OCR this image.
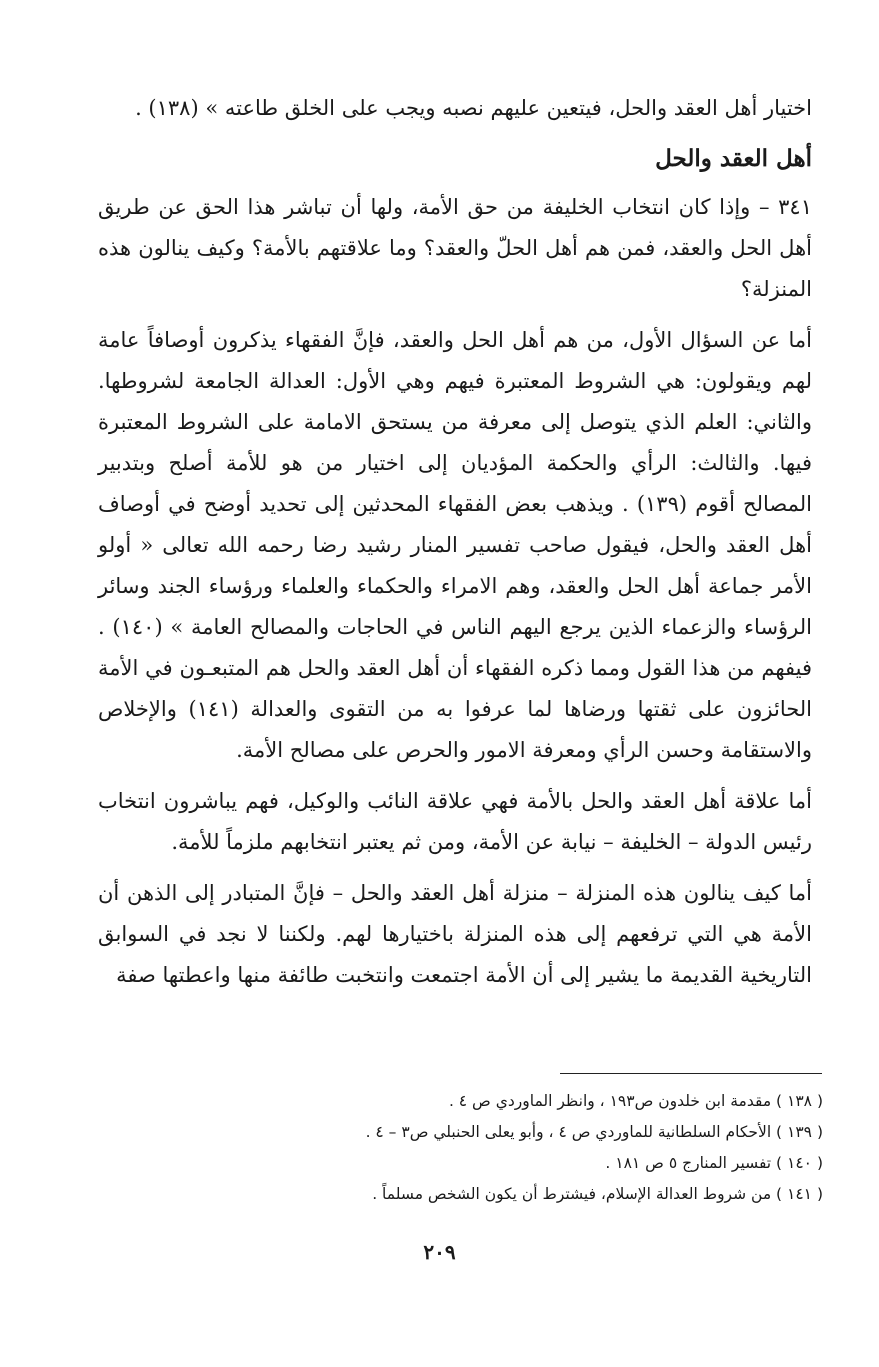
اختيار أهل العقد والحل، فيتعين عليهم نصبه ويجب على الخلق طاعته » (١٣٨) .

أهل العقد والحل

٣٤١ – وإذا كان انتخاب الخليفة من حق الأمة، ولها أن تباشر هذا الحق عن طريق أهل الحل والعقد، فمن هم أهل الحلّ والعقد؟ وما علاقتهم بالأمة؟ وكيف ينالون هذه المنزلة؟

أما عن السؤال الأول، من هم أهل الحل والعقد، فإنَّ الفقهاء يذكرون أوصافاً عامة لهم ويقولون: هي الشروط المعتبرة فيهم وهي الأول: العدالة الجامعة لشروطها. والثاني: العلم الذي يتوصل إلى معرفة من يستحق الامامة على الشروط المعتبرة فيها. والثالث: الرأي والحكمة المؤديان إلى اختيار من هو للأمة أصلح وبتدبير المصالح أقوم (١٣٩) . ويذهب بعض الفقهاء المحدثين إلى تحديد أوضح في أوصاف أهل العقد والحل، فيقول صاحب تفسير المنار رشيد رضا رحمه الله تعالى « أولو الأمر جماعة أهل الحل والعقد، وهم الامراء والحكماء والعلماء ورؤساء الجند وسائر الرؤساء والزعماء الذين يرجع اليهم الناس في الحاجات والمصالح العامة » (١٤٠) . فيفهم من هذا القول ومما ذكره الفقهاء أن أهل العقد والحل هم المتبعـون في الأمة الحائزون على ثقتها ورضاها لما عرفوا به من التقوى والعدالة (١٤١) والإخلاص والاستقامة وحسن الرأي ومعرفة الامور والحرص على مصالح الأمة.

أما علاقة أهل العقد والحل بالأمة فهي علاقة النائب والوكيل، فهم يباشرون انتخاب رئيس الدولة – الخليفة – نيابة عن الأمة، ومن ثم يعتبر انتخابهم ملزماً للأمة.

أما كيف ينالون هذه المنزلة – منزلة أهل العقد والحل – فإنَّ المتبادر إلى الذهن أن الأمة هي التي ترفعهم إلى هذه المنزلة باختيارها لهم. ولكننا لا نجد في السوابق التاريخية القديمة ما يشير إلى أن الأمة اجتمعت وانتخبت طائفة منها واعطتها صفة

( ١٣٨ ) مقدمة ابن خلدون ص١٩٣ ، وانظر الماوردي ص ٤ .

( ١٣٩ ) الأحكام السلطانية للماوردي ص ٤ ، وأبو يعلى الحنبلي ص٣ – ٤ .

( ١٤٠ ) تفسير المنارج ٥ ص ١٨١ .

( ١٤١ ) من شروط العدالة الإسلام، فيشترط أن يكون الشخص مسلماً .

٢٠٩
